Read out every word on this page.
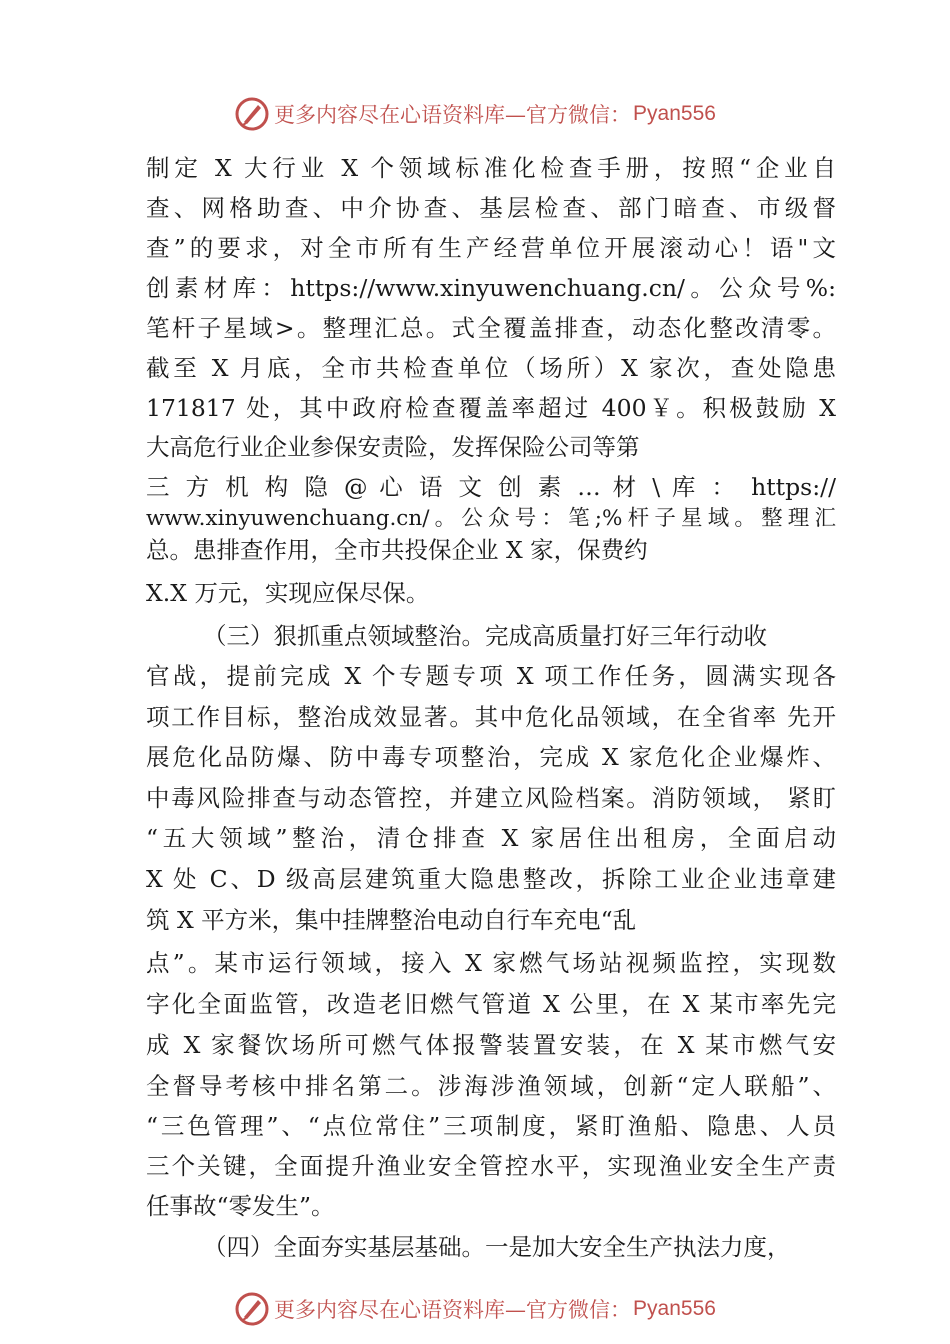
更多内容尽在心语资料库—官方微信： Pyan556
制定 X 大行业 X 个领域标准化检查手册，按照“企业自
查、网格助查、中介协查、基层检查、部门暗查、市级督
查”的要求，对全市所有生产经营单位开展滚动心！语"文
创素材库：https://www.xinyuwenchuang.cn/。公众号%:
笔杆子星域>。整理汇总。式全覆盖排查，动态化整改清零。
截至 X 月底，全市共检查单位（场所）X 家次，查处隐患
171817 处，其中政府检查覆盖率超过 400￥。积极鼓励 X
大高危行业企业参保安责险，发挥保险公司等第
三 方 机 构 隐 @ 心 语 文 创 素 … 材 \ 库 ： https://
www.xinyuwenchuang.cn/。公众号：笔;%杆子星域。整理汇
总。患排查作用，全市共投保企业 X 家，保费约
X.X 万元，实现应保尽保。
（三）狠抓重点领域整治。完成高质量打好三年行动收
官战，提前完成 X 个专题专项 X 项工作任务，圆满实现各
项工作目标，整治成效显著。其中危化品领域，在全省率 先开
展危化品防爆、防中毒专项整治，完成 X 家危化企业爆炸、
中毒风险排查与动态管控，并建立风险档案。消防领域， 紧盯
“五大领域”整治，清仓排查 X 家居住出租房，全面启动
X 处 C、D 级高层建筑重大隐患整改，拆除工业企业违章建
筑 X 平方米，集中挂牌整治电动自行车充电“乱
点”。某市运行领域，接入 X 家燃气场站视频监控，实现数
字化全面监管，改造老旧燃气管道 X 公里，在 X 某市率先完
成 X 家餐饮场所可燃气体报警装置安装，在 X 某市燃气安
全督导考核中排名第二。涉海涉渔领域，创新“定人联船”、
“三色管理”、“点位常住”三项制度，紧盯渔船、隐患、人员
三个关键，全面提升渔业安全管控水平，实现渔业安全生产责
任事故“零发生”。
（四）全面夯实基层基础。一是加大安全生产执法力度，
更多内容尽在心语资料库—官方微信： Pyan556
